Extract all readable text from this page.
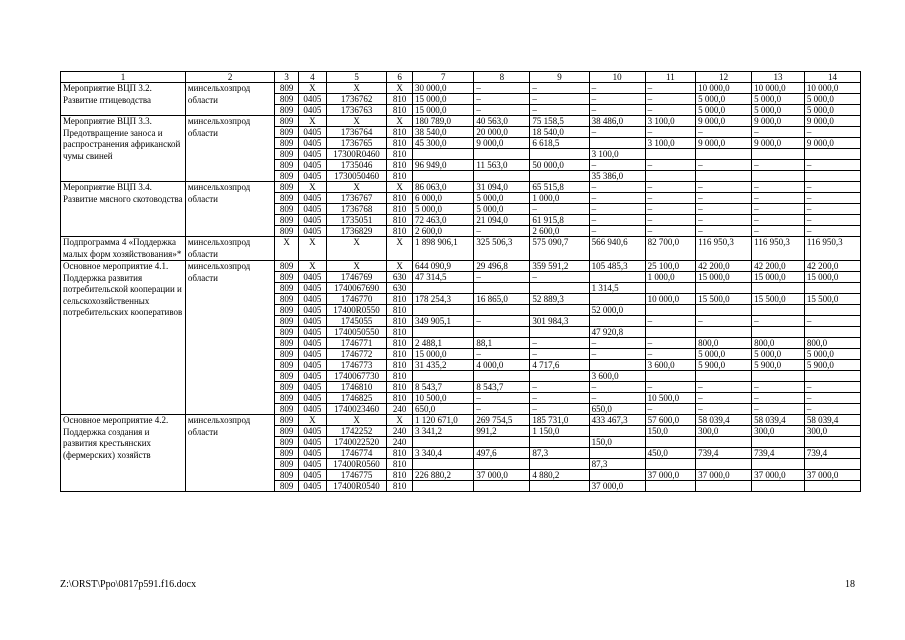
1	2	3	4	5	6	7	8	9	10	11	12	13	14
Мероприятие ВЦП 3.2. Развитие птицеводства	минсельхозпрод области	809	X	X	X	30 000,0	–	–	–	–	10 000,0	10 000,0	10 000,0
		809	0405	1736762	810	15 000,0	–	–	–	–	5 000,0	5 000,0	5 000,0
		809	0405	1736763	810	15 000,0	–	–	–	–	5 000,0	5 000,0	5 000,0
Мероприятие ВЦП 3.3. Предотвращение заноса и распространения африканской чумы свиней	минсельхозпрод области	809	X	X	X	180 789,0	40 563,0	75 158,5	38 486,0	3 100,0	9 000,0	9 000,0	9 000,0
		809	0405	1736764	810	38 540,0	20 000,0	18 540,0	–	–	–	–	–
		809	0405	1736765	810	45 300,0	9 000,0	6 618,5		3 100,0	9 000,0	9 000,0	9 000,0
		809	0405	17300R0460	810				3 100,0				
		809	0405	1735046	810	96 949,0	11 563,0	50 000,0	–	–	–	–	–
		809	0405	1730050460	810				35 386,0				
Мероприятие ВЦП 3.4. Развитие мясного скотоводства	минсельхозпрод области	809	X	X	X	86 063,0	31 094,0	65 515,8	–	–	–	–	–
		809	0405	1736767	810	6 000,0	5 000,0	1 000,0	–	–	–	–	–
		809	0405	1736768	810	5 000,0	5 000,0	–	–	–	–	–	–
		809	0405	1735051	810	72 463,0	21 094,0	61 915,8	–	–	–	–	–
		809	0405	1736829	810	2 600,0	–	2 600,0	–	–	–	–	–
Подпрограмма 4 «Поддержка малых форм хозяйствования»*	минсельхозпрод области	X	X	X	X	1 898 906,1	325 506,3	575 090,7	566 940,6	82 700,0	116 950,3	116 950,3	116 950,3
Основное мероприятие 4.1. Поддержка развития потребительской кооперации и сельскохозяйственных потребительских кооперативов	минсельхозпрод области	809	X	X	X	644 090,9	29 496,8	359 591,2	105 485,3	25 100,0	42 200,0	42 200,0	42 200,0
		809	0405	1746769	630	47 314,5	–	–		1 000,0	15 000,0	15 000,0	15 000,0
		809	0405	1740067690	630				1 314,5				
		809	0405	1746770	810	178 254,3	16 865,0	52 889,3		10 000,0	15 500,0	15 500,0	15 500,0
		809	0405	17400R0550	810				52 000,0				
		809	0405	1745055	810	349 905,1	–	301 984,3		–	–	–	–
		809	0405	1740050550	810				47 920,8				
		809	0405	1746771	810	2 488,1	88,1	–	–	–	800,0	800,0	800,0
		809	0405	1746772	810	15 000,0	–	–	–	–	5 000,0	5 000,0	5 000,0
		809	0405	1746773	810	31 435,2	4 000,0	4 717,6		3 600,0	5 900,0	5 900,0	5 900,0
		809	0405	1740067730	810				3 600,0				
		809	0405	1746810	810	8 543,7	8 543,7	–	–	–	–	–	–
		809	0405	1746825	810	10 500,0	–	–	–	10 500,0	–	–	–
		809	0405	1740023460	240	650,0	–	–	650,0	–	–	–	–
Основное мероприятие 4.2. Поддержка создания и развития крестьянских (фермерских) хозяйств	минсельхозпрод области	809	X	X	X	1 120 671,0	269 754,5	185 731,0	433 467,3	57 600,0	58 039,4	58 039,4	58 039,4
		809	0405	1742252	240	3 341,2	991,2	1 150,0		150,0	300,0	300,0	300,0
		809	0405	1740022520	240				150,0				
		809	0405	1746774	810	3 340,4	497,6	87,3		450,0	739,4	739,4	739,4
		809	0405	17400R0560	810				87,3				
		809	0405	1746775	810	226 880,2	37 000,0	4 880,2		37 000,0	37 000,0	37 000,0	37 000,0
		809	0405	17400R0540	810				37 000,0				
Z:\ORST\Ppo\0817p591.f16.docx	18
